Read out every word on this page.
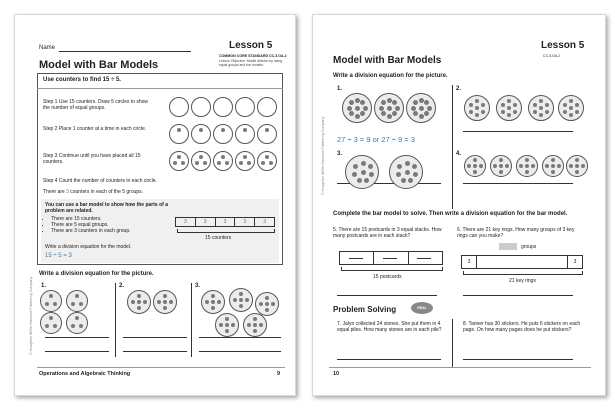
Name	Lesson 5
COMMON CORE STANDARD CC.3.OA.2
Lesson Objective: Model division by using equal groups and bar models.
Model with Bar Models
Use counters to find 15 ÷ 5.
Step 1 Use 15 counters. Draw 5 circles to show the number of equal groups.
Step 2 Place 1 counter at a time in each circle.
Step 3 Continue until you have placed all 15 counters.
Step 4 Count the number of counters in each circle.
There are 3 counters in each of the 5 groups.
You can use a bar model to show how the parts of a problem are related.
• There are 15 counters.
• There are 5 equal groups.
• There are 3 counters in each group.
3	3	3	3	3
15 counters
Write a division equation for the model.
15 ÷ 5 = 3
Write a division equation for the picture.
1.	2.	3.
© Houghton Mifflin Harcourt Publishing Company
Operations and Algebraic Thinking	9
Lesson 5
CC.3.OA.2
Model with Bar Models
Write a division equation for the picture.
1.	2.
3.	4.
27 ÷ 3 = 9 or 27 ÷ 9 = 3
Complete the bar model to solve. Then write a division equation for the bar model.
5. There are 15 postcards in 3 equal stacks. How many postcards are in each stack?
15 postcards
6. There are 21 key rings. How many groups of 3 key rings can you make?
groups
3	3
21 key rings
Problem Solving	REAL WORLD
7. Jalyn collected 24 stones. She put them in 4 equal piles. How many stones are in each pile?
8. Tanner has 30 stickers. He puts 6 stickers on each page. On how many pages does he put stickers?
© Houghton Mifflin Harcourt Publishing Company
10
